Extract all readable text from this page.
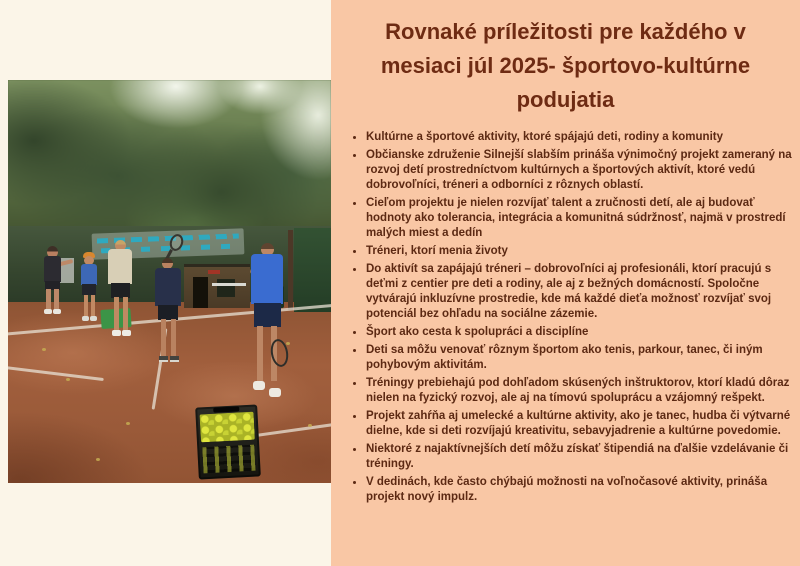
Rovnaké príležitosti pre každého v
mesiaci júl 2025- športovo-kultúrne
podujatia
• Kultúrne a športové aktivity, ktoré spájajú deti, rodiny a komunity
• Občianske združenie Silnejší slabším prináša výnimočný projekt zameraný na rozvoj detí prostredníctvom kultúrnych a športových aktivít, ktoré vedú dobrovoľníci, tréneri a odborníci z rôznych oblastí.
• Cieľom projektu je nielen rozvíjať talent a zručnosti detí, ale aj budovať hodnoty ako tolerancia, integrácia a komunitná súdržnosť, najmä v prostredí malých miest a dedín
• Tréneri, ktorí menia životy
• Do aktivít sa zapájajú tréneri – dobrovoľníci aj profesionáli, ktorí pracujú s deťmi z centier pre deti a rodiny, ale aj z bežných domácností. Spoločne vytvárajú inkluzívne prostredie, kde má každé dieťa možnosť rozvíjať svoj potenciál bez ohľadu na sociálne zázemie.
• Šport ako cesta k spolupráci a disciplíne
• Deti sa môžu venovať rôznym športom ako tenis, parkour, tanec, či iným pohybovým aktivitám.
• Tréningy prebiehajú pod dohľadom skúsených inštruktorov, ktorí kladú dôraz nielen na fyzický rozvoj, ale aj na tímovú spoluprácu a vzájomný rešpekt.
• Projekt zahŕňa aj umelecké a kultúrne aktivity, ako je tanec, hudba či výtvarné dielne, kde si deti rozvíjajú kreativitu, sebavyjadrenie a kultúrne povedomie.
• Niektoré z najaktívnejších detí môžu získať štipendiá na ďalšie vzdelávanie či tréningy.
• V dedinách, kde často chýbajú možnosti na voľnočasové aktivity, prináša projekt nový impulz.
